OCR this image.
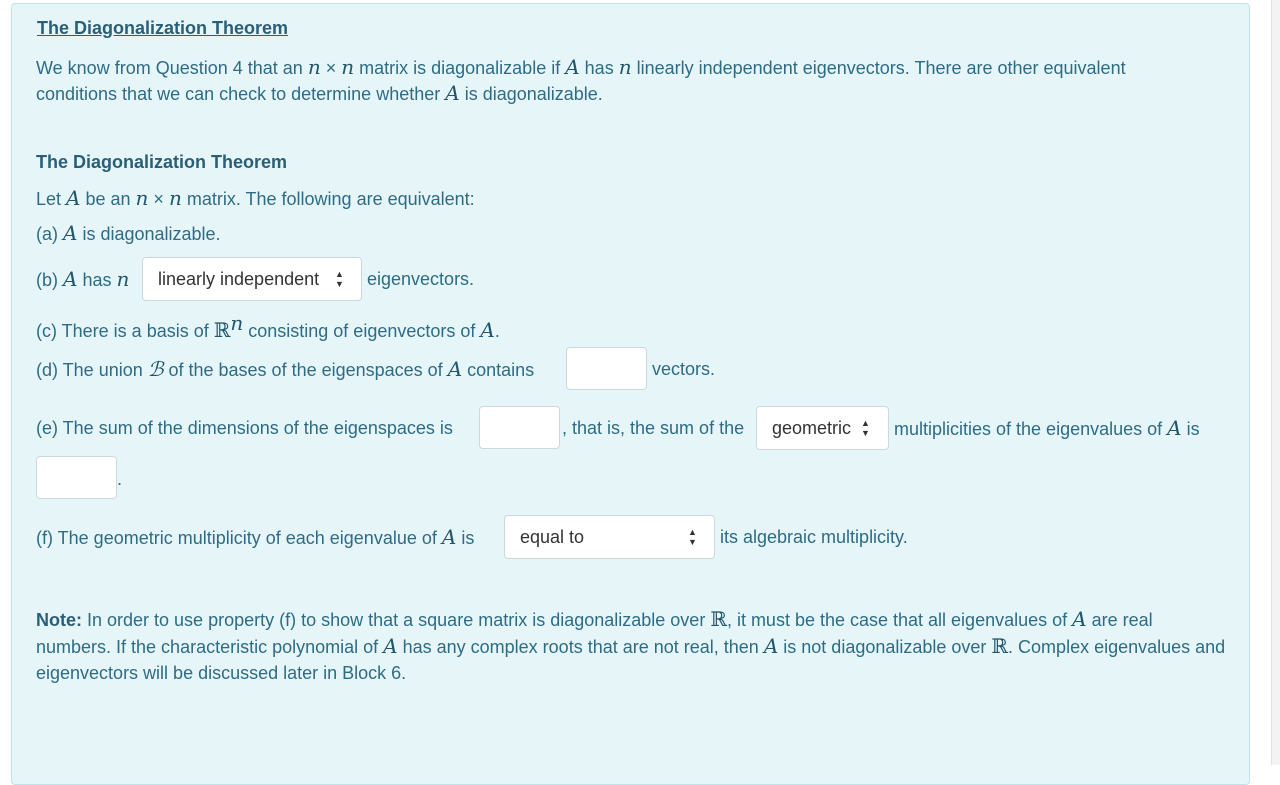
The Diagonalization Theorem
We know from Question 4 that an n × n matrix is diagonalizable if A has n linearly independent eigenvectors. There are other equivalent
conditions that we can check to determine whether A is diagonalizable.
The Diagonalization Theorem
Let A be an n × n matrix. The following are equivalent:
(a) A is diagonalizable.
(b) A has n	linearly independent ▲
▼ eigenvectors.
(c) There is a basis of ℝ$^n$ consisting of eigenvectors of A.
(d) The union ℬ of the bases of the eigenspaces of A contains	vectors.
(e) The sum of the dimensions of the eigenspaces is	, that is, the sum of the	geometric ▲
▼ multiplicities of the eigenvalues of A is
.
(f) The geometric multiplicity of each eigenvalue of A is	equal to	▲
▼ its algebraic multiplicity.
Note: In order to use property (f) to show that a square matrix is diagonalizable over ℝ, it must be the case that all eigenvalues of A are real numbers. If the characteristic polynomial of A has any complex roots that are not real, then A is not diagonalizable over ℝ. Complex eigenvalues and eigenvectors will be discussed later in Block 6.
